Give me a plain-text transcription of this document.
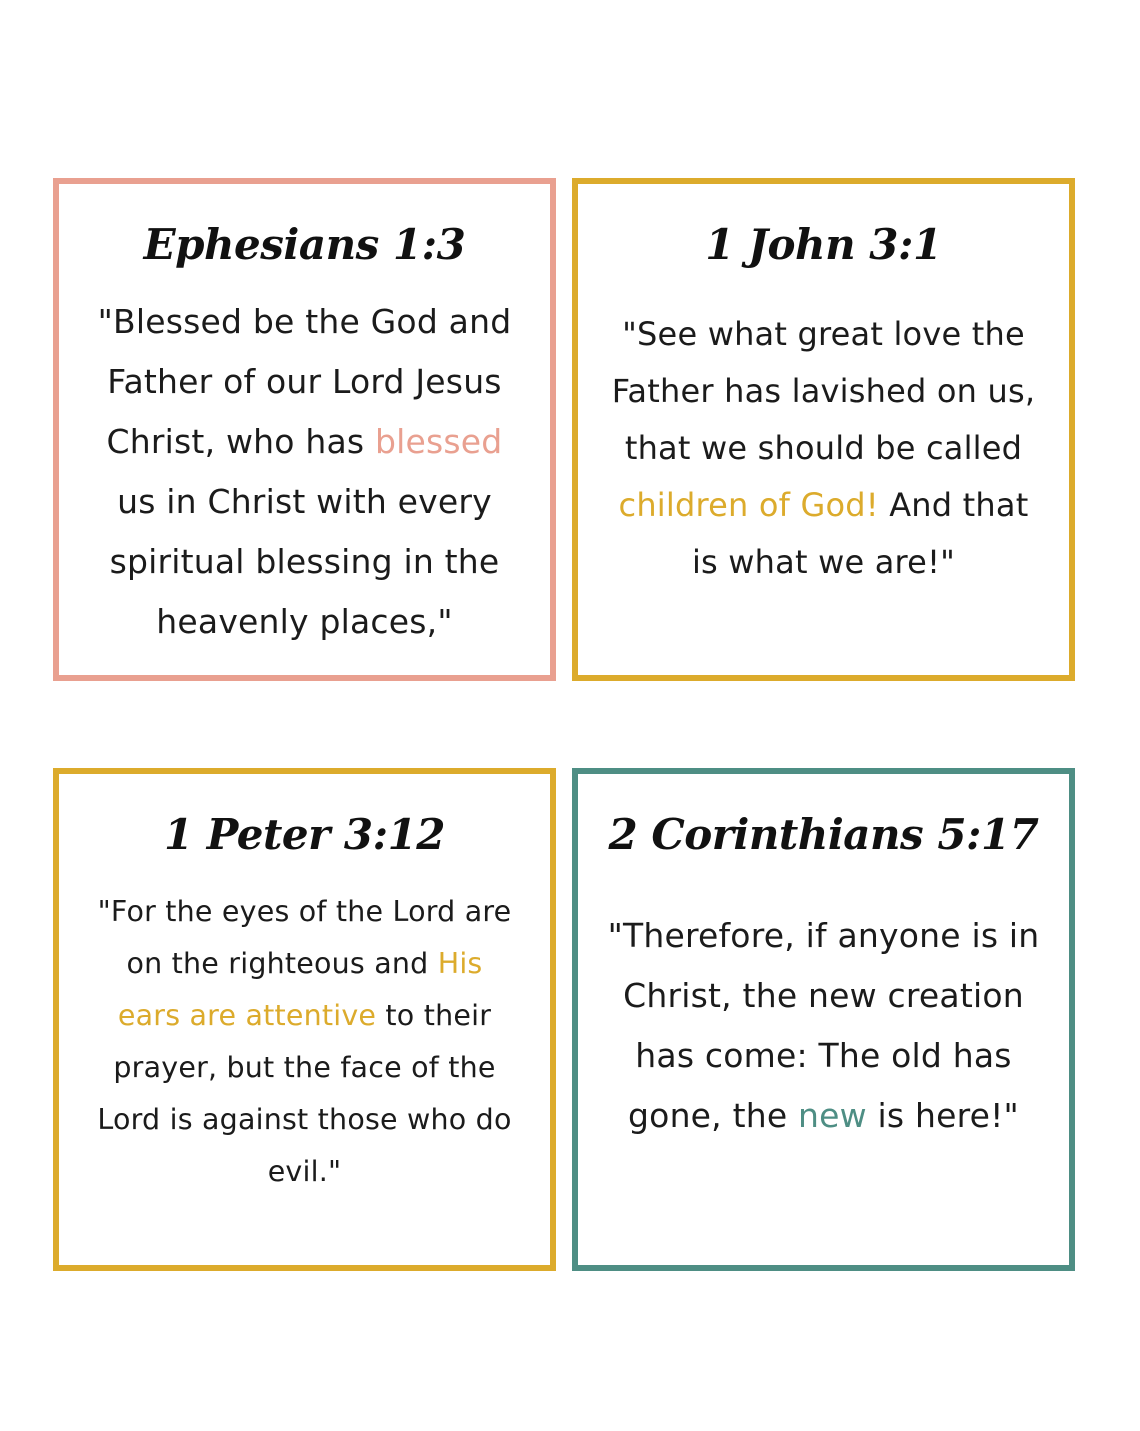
Ephesians 1:3
"Blessed be the God and
Father of our Lord Jesus
Christ, who has blessed
us in Christ with every
spiritual blessing in the
heavenly places,"
1 John 3:1
"See what great love the
Father has lavished on us,
that we should be called
children of God! And that
is what we are!"
1 Peter 3:12
"For the eyes of the Lord are
on the righteous and His
ears are attentive to their
prayer, but the face of the
Lord is against those who do
evil."
2 Corinthians 5:17
"Therefore, if anyone is in
Christ, the new creation
has come: The old has
gone, the new is here!"
